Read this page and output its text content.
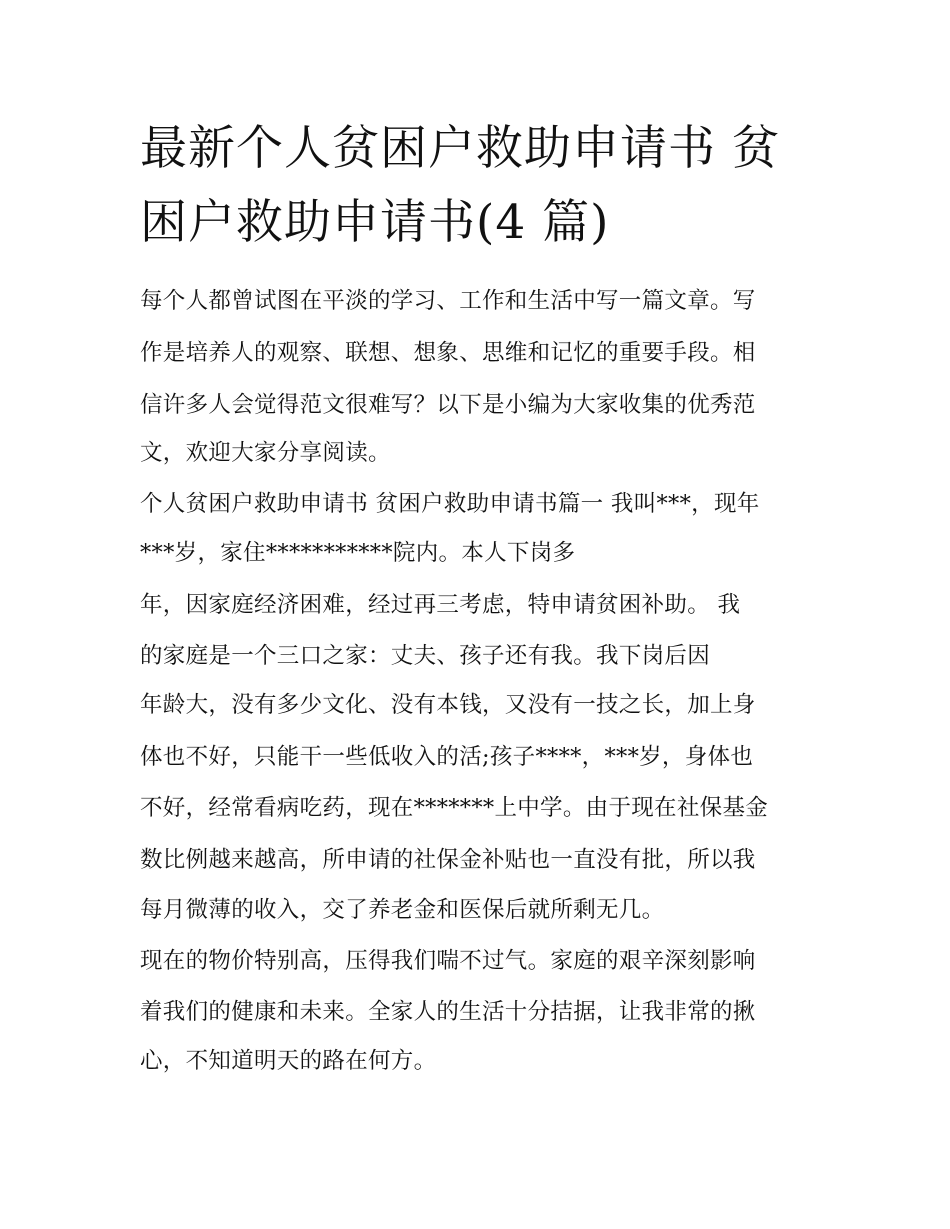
最新个人贫困户救助申请书 贫困户救助申请书(4 篇)

每个人都曾试图在平淡的学习、工作和生活中写一篇文章。写

作是培养人的观察、联想、想象、思维和记忆的重要手段。相

信许多人会觉得范文很难写？以下是小编为大家收集的优秀范

文，欢迎大家分享阅读。

个人贫困户救助申请书 贫困户救助申请书篇一 我叫***，现年

***岁，家住***********院内。本人下岗多

年，因家庭经济困难，经过再三考虑，特申请贫困补助。 我

的家庭是一个三口之家：丈夫、孩子还有我。我下岗后因

年龄大，没有多少文化、没有本钱，又没有一技之长，加上身

体也不好，只能干一些低收入的活;孩子****，***岁，身体也

不好，经常看病吃药，现在*******上中学。由于现在社保基金

数比例越来越高，所申请的社保金补贴也一直没有批，所以我

每月微薄的收入，交了养老金和医保后就所剩无几。

现在的物价特别高，压得我们喘不过气。家庭的艰辛深刻影响

着我们的健康和未来。全家人的生活十分拮据，让我非常的揪

心，不知道明天的路在何方。
